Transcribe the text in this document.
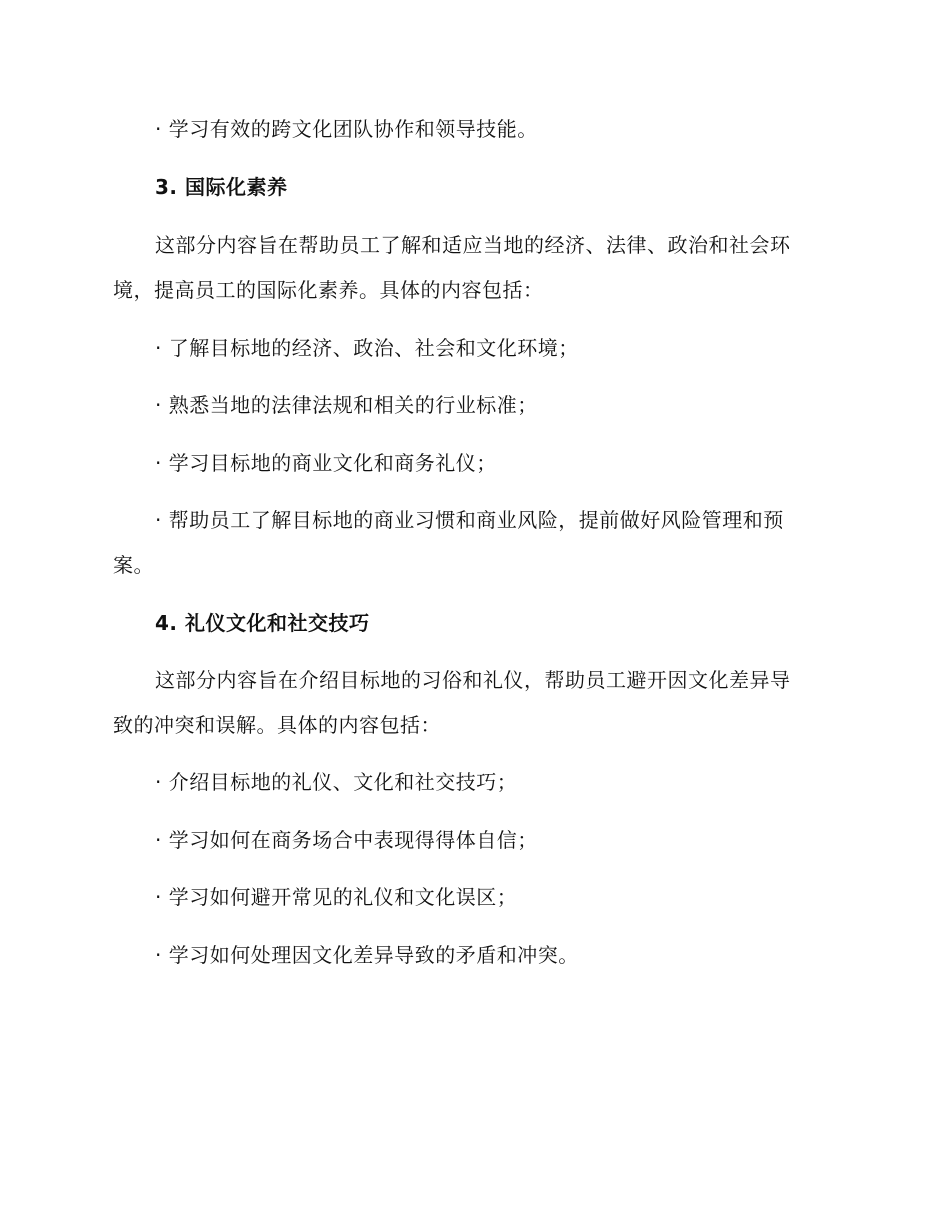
· 学习有效的跨文化团队协作和领导技能。
3. 国际化素养
这部分内容旨在帮助员工了解和适应当地的经济、法律、政治和社会环
境，提高员工的国际化素养。具体的内容包括：
· 了解目标地的经济、政治、社会和文化环境；
· 熟悉当地的法律法规和相关的行业标准；
· 学习目标地的商业文化和商务礼仪；
· 帮助员工了解目标地的商业习惯和商业风险，提前做好风险管理和预
案。
4. 礼仪文化和社交技巧
这部分内容旨在介绍目标地的习俗和礼仪，帮助员工避开因文化差异导
致的冲突和误解。具体的内容包括：
· 介绍目标地的礼仪、文化和社交技巧；
· 学习如何在商务场合中表现得得体自信；
· 学习如何避开常见的礼仪和文化误区；
· 学习如何处理因文化差异导致的矛盾和冲突。
